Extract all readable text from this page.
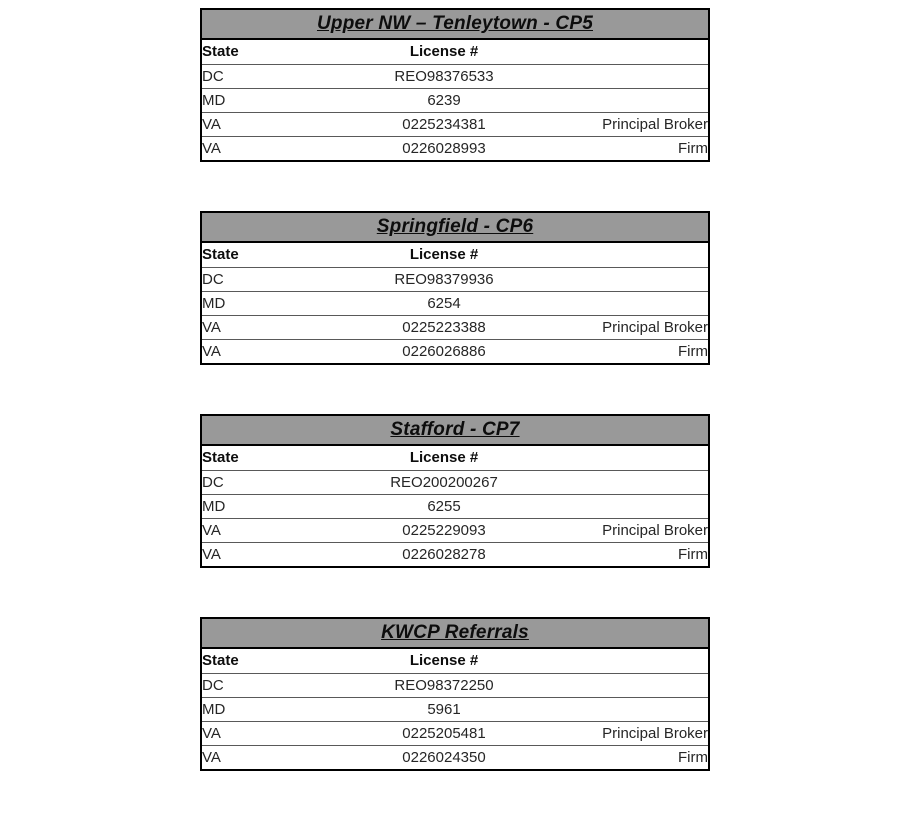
Upper NW – Tenleytown - CP5
State	License #	
DC	REO98376533	
MD	6239	
VA	0225234381	Principal Broker
VA	0226028993	Firm
Springfield - CP6
State	License #	
DC	REO98379936	
MD	6254	
VA	0225223388	Principal Broker
VA	0226026886	Firm
Stafford - CP7
State	License #	
DC	REO200200267	
MD	6255	
VA	0225229093	Principal Broker
VA	0226028278	Firm
KWCP Referrals
State	License #	
DC	REO98372250	
MD	5961	
VA	0225205481	Principal Broker
VA	0226024350	Firm
